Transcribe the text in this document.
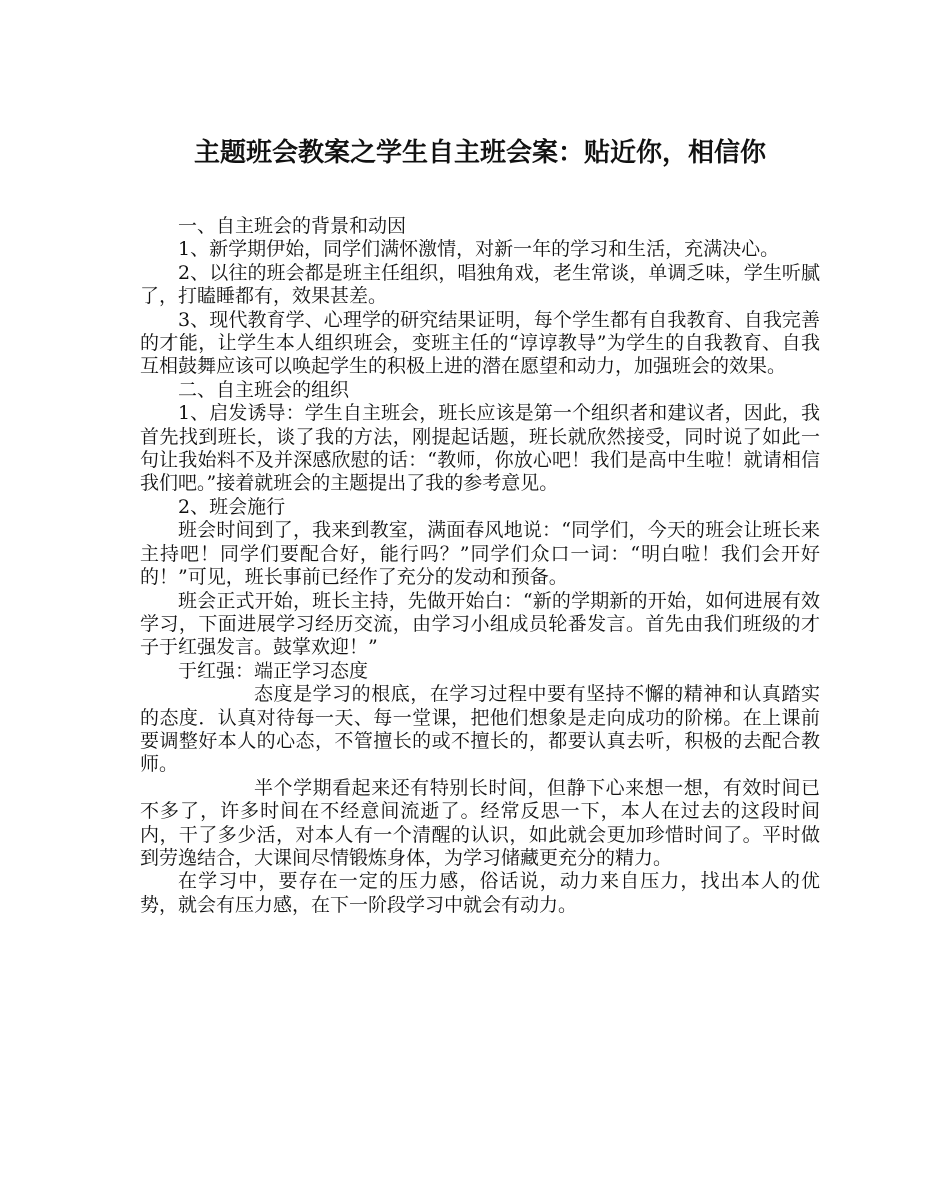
主题班会教案之学生自主班会案：贴近你，相信你

一、自主班会的背景和动因

1、新学期伊始，同学们满怀激情，对新一年的学习和生活，充满决心。

2、以往的班会都是班主任组织，唱独角戏，老生常谈，单调乏味，学生听腻了，打瞌睡都有，效果甚差。

3、现代教育学、心理学的研究结果证明，每个学生都有自我教育、自我完善的才能，让学生本人组织班会，变班主任的“谆谆教导”为学生的自我教育、自我互相鼓舞应该可以唤起学生的积极上进的潜在愿望和动力，加强班会的效果。

二、自主班会的组织

1、启发诱导：学生自主班会，班长应该是第一个组织者和建议者，因此，我首先找到班长，谈了我的方法，刚提起话题，班长就欣然接受，同时说了如此一句让我始料不及并深感欣慰的话：“教师，你放心吧！我们是高中生啦！就请相信我们吧。”接着就班会的主题提出了我的参考意见。

2、班会施行

班会时间到了，我来到教室，满面春风地说：“同学们，今天的班会让班长来主持吧！同学们要配合好，能行吗？”同学们众口一词：“明白啦！我们会开好的！”可见，班长事前已经作了充分的发动和预备。

班会正式开始，班长主持，先做开始白：“新的学期新的开始，如何进展有效学习，下面进展学习经历交流，由学习小组成员轮番发言。首先由我们班级的才子于红强发言。鼓掌欢迎！”

于红强：端正学习态度

态度是学习的根底，在学习过程中要有坚持不懈的精神和认真踏实的态度．认真对待每一天、每一堂课，把他们想象是走向成功的阶梯。在上课前要调整好本人的心态，不管擅长的或不擅长的，都要认真去听，积极的去配合教师。

半个学期看起来还有特别长时间，但静下心来想一想，有效时间已不多了，许多时间在不经意间流逝了。经常反思一下，本人在过去的这段时间内，干了多少活，对本人有一个清醒的认识，如此就会更加珍惜时间了。平时做到劳逸结合，大课间尽情锻炼身体，为学习储藏更充分的精力。

在学习中，要存在一定的压力感，俗话说，动力来自压力，找出本人的优势，就会有压力感，在下一阶段学习中就会有动力。
